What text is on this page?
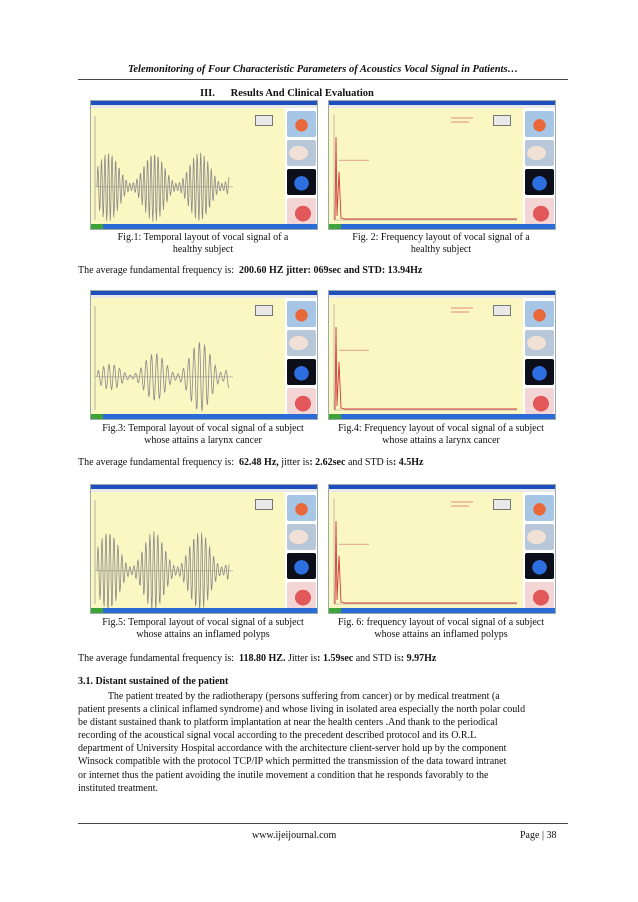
Telemonitoring of Four Characteristic Parameters of Acoustics Vocal Signal in Patients…
III. Results And Clinical Evaluation
Fig.1: Temporal layout of vocal signal of a
healthy subject
Fig. 2: Frequency layout of vocal signal of a
healthy subject
The average fundamental frequency is:  200.60 HZ jitter: 069sec and STD: 13.94Hz
Fig.3: Temporal layout of vocal signal of a subject
whose attains a larynx cancer
Fig.4: Frequency layout of vocal signal of a subject
whose attains a larynx cancer
The average fundamental frequency is:  62.48 Hz, jitter is: 2.62sec and STD is: 4.5Hz
Fig.5: Temporal layout of vocal signal of a subject
whose attains an inflamed polyps
Fig. 6: frequency layout of vocal signal of a subject
whose attains an inflamed polyps
The average fundamental frequency is:  118.80 HZ. Jitter is: 1.59sec and STD is: 9.97Hz
3.1. Distant sustained of the patient
The patient treated by the radiotherapy (persons suffering from cancer) or by medical treatment (a
patient presents a clinical inflamed syndrome) and whose living in isolated area especially the north polar could
be distant sustained thank to platform implantation at near the health centers .And thank to the periodical
recording of the acoustical signal vocal according to the precedent described protocol and its O.R.L
department of University Hospital accordance with the architecture client-server hold up by the component
Winsock compatible with the protocol TCP/IP which permitted the transmission of the data toward intranet
or internet thus the patient avoiding the inutile movement a condition that he responds favorably to the
instituted treatment.
www.ijeijournal.com	Page | 38
